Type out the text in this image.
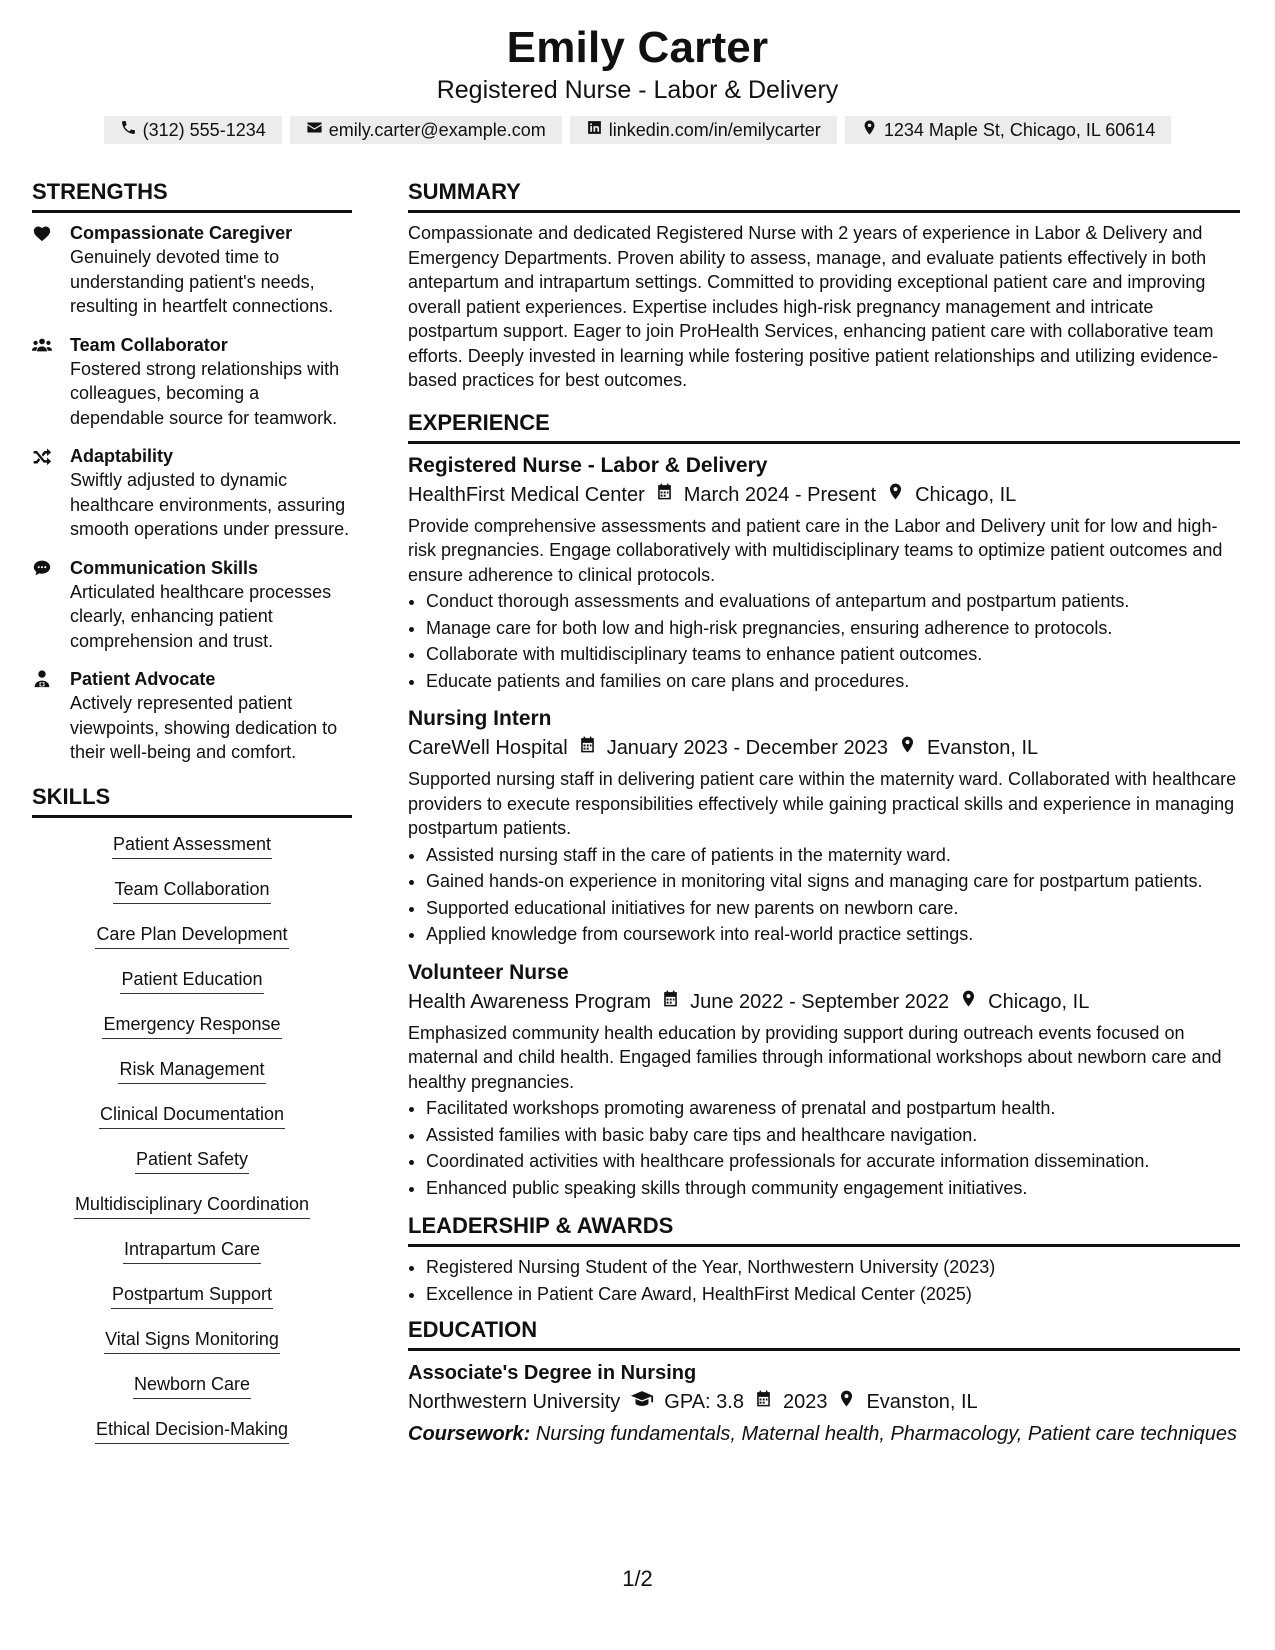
Emily Carter
Registered Nurse - Labor & Delivery
(312) 555-1234	emily.carter@example.com	linkedin.com/in/emilycarter	1234 Maple St, Chicago, IL 60614
STRENGTHS
Compassionate Caregiver
Genuinely devoted time to understanding patient's needs, resulting in heartfelt connections.
Team Collaborator
Fostered strong relationships with colleagues, becoming a dependable source for teamwork.
Adaptability
Swiftly adjusted to dynamic healthcare environments, assuring smooth operations under pressure.
Communication Skills
Articulated healthcare processes clearly, enhancing patient comprehension and trust.
Patient Advocate
Actively represented patient viewpoints, showing dedication to their well-being and comfort.
SKILLS
Patient Assessment
Team Collaboration
Care Plan Development
Patient Education
Emergency Response
Risk Management
Clinical Documentation
Patient Safety
Multidisciplinary Coordination
Intrapartum Care
Postpartum Support
Vital Signs Monitoring
Newborn Care
Ethical Decision-Making
SUMMARY
Compassionate and dedicated Registered Nurse with 2 years of experience in Labor & Delivery and Emergency Departments. Proven ability to assess, manage, and evaluate patients effectively in both antepartum and intrapartum settings. Committed to providing exceptional patient care and improving overall patient experiences. Expertise includes high-risk pregnancy management and intricate postpartum support. Eager to join ProHealth Services, enhancing patient care with collaborative team efforts. Deeply invested in learning while fostering positive patient relationships and utilizing evidence-based practices for best outcomes.
EXPERIENCE
Registered Nurse - Labor & Delivery
HealthFirst Medical Center March 2024 - Present Chicago, IL
Provide comprehensive assessments and patient care in the Labor and Delivery unit for low and high-risk pregnancies. Engage collaboratively with multidisciplinary teams to optimize patient outcomes and ensure adherence to clinical protocols.
• Conduct thorough assessments and evaluations of antepartum and postpartum patients.
• Manage care for both low and high-risk pregnancies, ensuring adherence to protocols.
• Collaborate with multidisciplinary teams to enhance patient outcomes.
• Educate patients and families on care plans and procedures.
Nursing Intern
CareWell Hospital January 2023 - December 2023 Evanston, IL
Supported nursing staff in delivering patient care within the maternity ward. Collaborated with healthcare providers to execute responsibilities effectively while gaining practical skills and experience in managing postpartum patients.
• Assisted nursing staff in the care of patients in the maternity ward.
• Gained hands-on experience in monitoring vital signs and managing care for postpartum patients.
• Supported educational initiatives for new parents on newborn care.
• Applied knowledge from coursework into real-world practice settings.
Volunteer Nurse
Health Awareness Program June 2022 - September 2022 Chicago, IL
Emphasized community health education by providing support during outreach events focused on maternal and child health. Engaged families through informational workshops about newborn care and healthy pregnancies.
• Facilitated workshops promoting awareness of prenatal and postpartum health.
• Assisted families with basic baby care tips and healthcare navigation.
• Coordinated activities with healthcare professionals for accurate information dissemination.
• Enhanced public speaking skills through community engagement initiatives.
LEADERSHIP & AWARDS
• Registered Nursing Student of the Year, Northwestern University (2023)
• Excellence in Patient Care Award, HealthFirst Medical Center (2025)
EDUCATION
Associate's Degree in Nursing
Northwestern University GPA: 3.8 2023 Evanston, IL
Coursework: Nursing fundamentals, Maternal health, Pharmacology, Patient care techniques
1/2
